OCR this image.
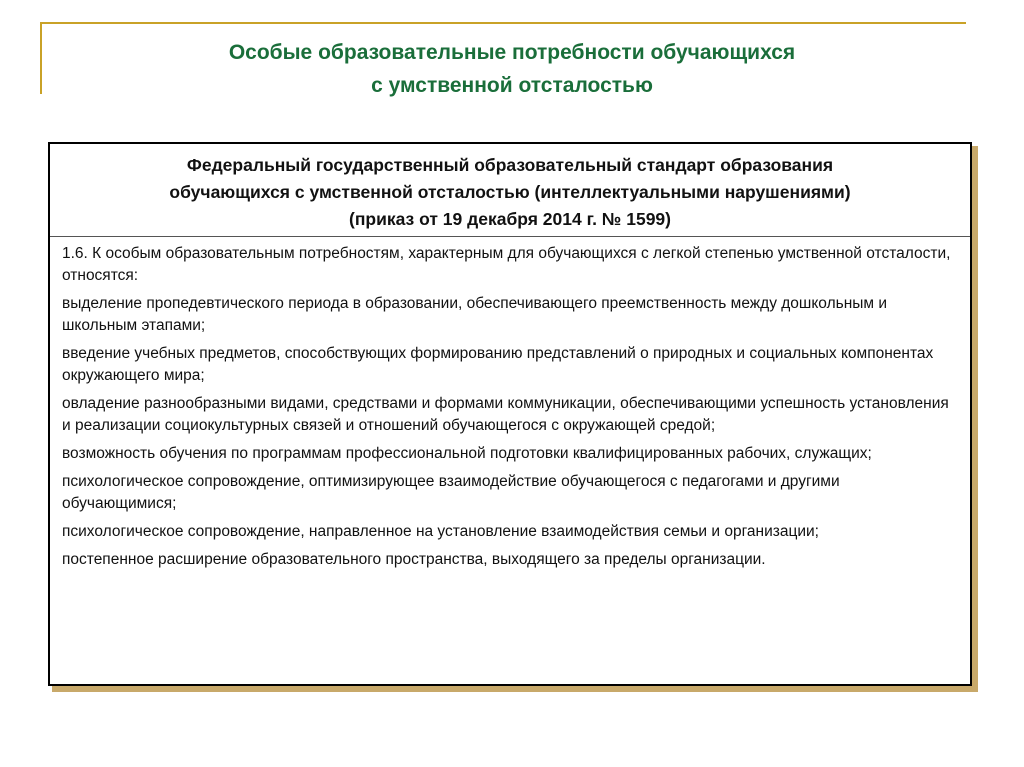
Особые образовательные потребности обучающихся
с умственной отсталостью
Федеральный государственный образовательный стандарт образования
обучающихся с умственной отсталостью (интеллектуальными нарушениями)
(приказ от 19 декабря 2014 г. № 1599)
1.6. К особым образовательным потребностям, характерным для обучающихся с легкой степенью умственной отсталости, относятся:
выделение пропедевтического периода в образовании, обеспечивающего преемственность между дошкольным и школьным этапами;
введение учебных предметов, способствующих формированию представлений о природных и социальных компонентах окружающего мира;
овладение разнообразными видами, средствами и формами коммуникации, обеспечивающими успешность установления и реализации социокультурных связей и отношений обучающегося с окружающей средой;
возможность обучения по программам профессиональной подготовки квалифицированных рабочих, служащих;
психологическое сопровождение, оптимизирующее взаимодействие обучающегося с педагогами и другими обучающимися;
психологическое сопровождение, направленное на установление взаимодействия семьи и организации;
постепенное расширение образовательного пространства, выходящего за пределы организации.
